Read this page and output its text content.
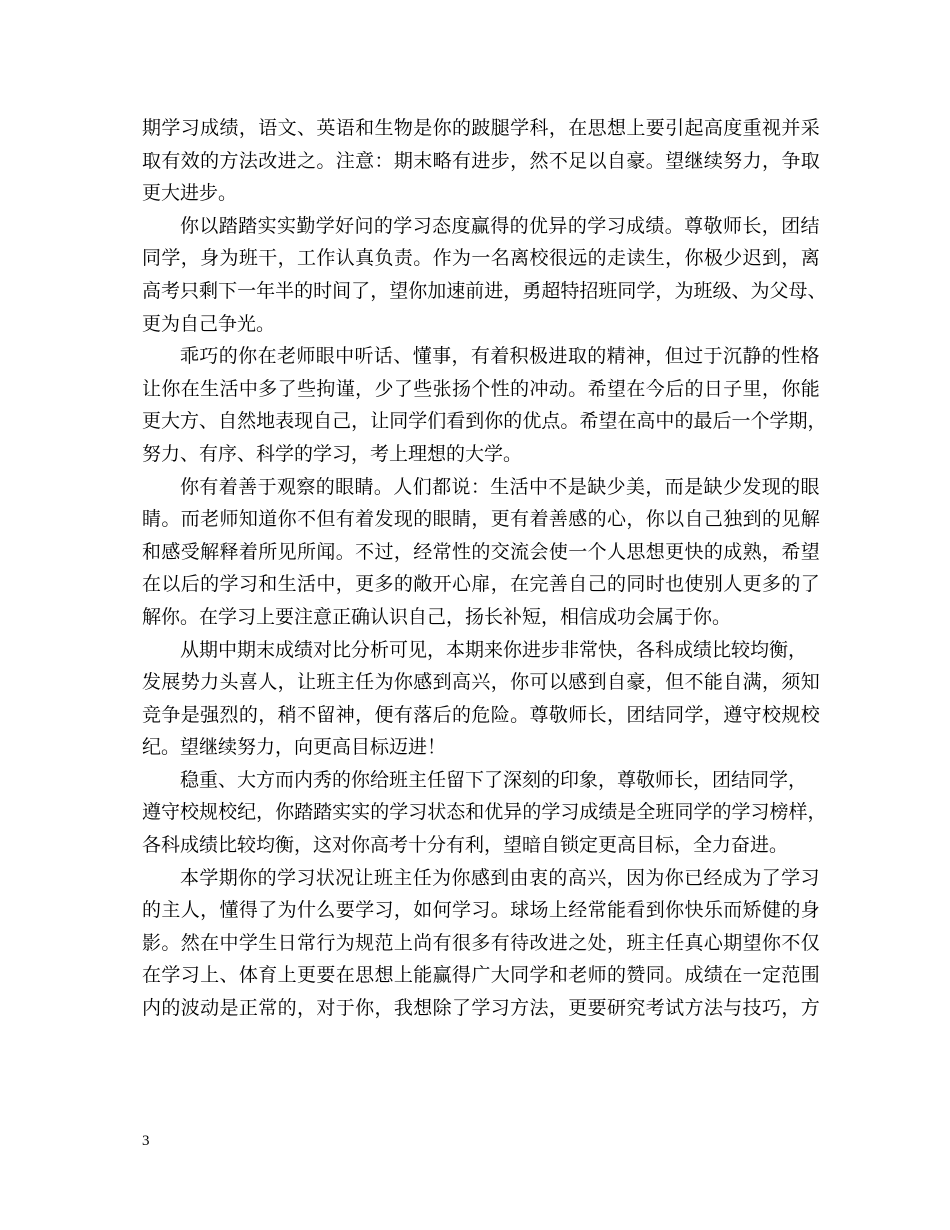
期 学 习 成 绩 ， 语 文 、 英 语 和 生 物 是 你 的 跛 腿 学 科 ， 在 思 想 上 要 引 起 高 度 重 视 并 采
取 有 效 的 方 法 改 进 之 。 注 意 ： 期 末 略 有 进 步 ， 然 不 足 以 自 豪 。 望 继 续 努 力 ， 争 取
更大进步。
你 以 踏 踏 实 实 勤 学 好 问 的 学 习 态 度 赢 得 的 优 异 的 学 习 成 绩 。 尊 敬 师 长 ， 团 结
同 学 ， 身 为 班 干 ， 工 作 认 真 负 责 。 作 为 一 名 离 校 很 远 的 走 读 生 ， 你 极 少 迟 到 ， 离
高 考 只 剩 下 一 年 半 的 时 间 了 ， 望 你 加 速 前 进 ， 勇 超 特 招 班 同 学 ， 为 班 级 、 为 父 母 、
更为自己争光。
乖 巧 的 你 在 老 师 眼 中 听 话 、 懂 事 ， 有 着 积 极 进 取 的 精 神 ， 但 过 于 沉 静 的 性 格
让 你 在 生 活 中 多 了 些 拘 谨 ， 少 了 些 张 扬 个 性 的 冲 动 。 希 望 在 今 后 的 日 子 里 ， 你 能
更 大 方 、 自 然 地 表 现 自 己 ， 让 同 学 们 看 到 你 的 优 点 。 希 望 在 高 中 的 最 后 一 个 学 期 ，
努力、有序、科学的学习，考上理想的大学。
你 有 着 善 于 观 察 的 眼 睛 。 人 们 都 说 ： 生 活 中 不 是 缺 少 美 ， 而 是 缺 少 发 现 的 眼
睛 。 而 老 师 知 道 你 不 但 有 着 发 现 的 眼 睛 ， 更 有 着 善 感 的 心 ， 你 以 自 己 独 到 的 见 解
和 感 受 解 释 着 所 见 所 闻 。 不 过 ， 经 常 性 的 交 流 会 使 一 个 人 思 想 更 快 的 成 熟 ， 希 望
在 以 后 的 学 习 和 生 活 中 ， 更 多 的 敞 开 心 扉 ， 在 完 善 自 己 的 同 时 也 使 别 人 更 多 的 了
解你。在学习上要注意正确认识自己，扬长补短，相信成功会属于你。
从期中期末成绩对比分析可见，本期来你进步非常快，各科成绩比较均衡，
发 展 势 力 头 喜 人 ， 让 班 主 任 为 你 感 到 高 兴 ， 你 可 以 感 到 自 豪 ， 但 不 能 自 满 ， 须 知
竞 争 是 强 烈 的 ， 稍 不 留 神 ， 便 有 落 后 的 危 险 。 尊 敬 师 长 ， 团 结 同 学 ， 遵 守 校 规 校
纪。望继续努力，向更高目标迈进！
稳重、大方而内秀的你给班主任留下了深刻的印象，尊敬师长，团结同学，
遵 守 校 规 校 纪 ， 你 踏 踏 实 实 的 学 习 状 态 和 优 异 的 学 习 成 绩 是 全 班 同 学 的 学 习 榜 样 ，
各科成绩比较均衡，这对你高考十分有利，望暗自锁定更高目标，全力奋进。
本 学 期 你 的 学 习 状 况 让 班 主 任 为 你 感 到 由 衷 的 高 兴 ， 因 为 你 已 经 成 为 了 学 习
的 主 人 ， 懂 得 了 为 什 么 要 学 习 ， 如 何 学 习 。 球 场 上 经 常 能 看 到 你 快 乐 而 矫 健 的 身
影 。 然 在 中 学 生 日 常 行 为 规 范 上 尚 有 很 多 有 待 改 进 之 处 ， 班 主 任 真 心 期 望 你 不 仅
在 学 习 上 、 体 育 上 更 要 在 思 想 上 能 赢 得 广 大 同 学 和 老 师 的 赞 同 。 成 绩 在 一 定 范 围
内 的 波 动 是 正 常 的 ， 对 于 你 ， 我 想 除 了 学 习 方 法 ， 更 要 研 究 考 试 方 法 与 技 巧 ， 方
3
